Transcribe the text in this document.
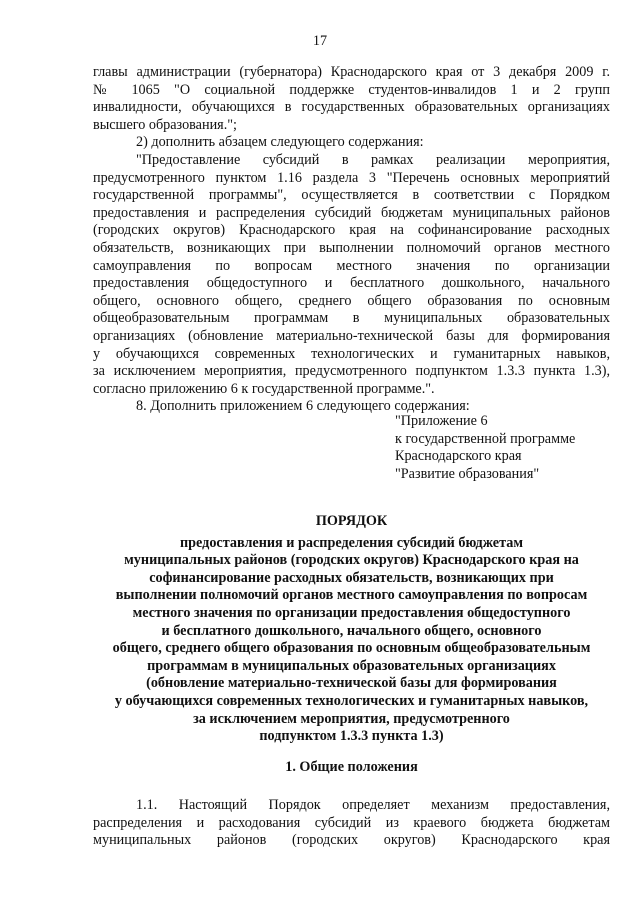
17
главы администрации (губернатора) Краснодарского края от 3 декабря 2009 г.
№ 1065 "О социальной поддержке студентов-инвалидов 1 и 2 групп
инвалидности, обучающихся в государственных образовательных организациях
высшего образования.";
2) дополнить абзацем следующего содержания:
"Предоставление субсидий в рамках реализации мероприятия,
предусмотренного пунктом 1.16 раздела 3 "Перечень основных мероприятий
государственной программы", осуществляется в соответствии с Порядком
предоставления и распределения субсидий бюджетам муниципальных районов
(городских округов) Краснодарского края на софинансирование расходных
обязательств, возникающих при выполнении полномочий органов местного
самоуправления по вопросам местного значения по организации
предоставления общедоступного и бесплатного дошкольного, начального
общего, основного общего, среднего общего образования по основным
общеобразовательным программам в муниципальных образовательных
организациях (обновление материально-технической базы для формирования
у обучающихся современных технологических и гуманитарных навыков,
за исключением мероприятия, предусмотренного подпунктом 1.3.3 пункта 1.3),
согласно приложению 6 к государственной программе.".
8. Дополнить приложением 6 следующего содержания:
"Приложение 6
к государственной программе
Краснодарского края
"Развитие образования"
ПОРЯДОК
предоставления и распределения субсидий бюджетам
муниципальных районов (городских округов) Краснодарского края на
софинансирование расходных обязательств, возникающих при
выполнении полномочий органов местного самоуправления по вопросам
местного значения по организации предоставления общедоступного
и бесплатного дошкольного, начального общего, основного
общего, среднего общего образования по основным общеобразовательным
программам в муниципальных образовательных организациях
(обновление материально-технической базы для формирования
у обучающихся современных технологических и гуманитарных навыков,
за исключением мероприятия, предусмотренного
подпунктом 1.3.3 пункта 1.3)
1. Общие положения
1.1. Настоящий Порядок определяет механизм предоставления,
распределения и расходования субсидий из краевого бюджета бюджетам
муниципальных районов (городских округов) Краснодарского края
